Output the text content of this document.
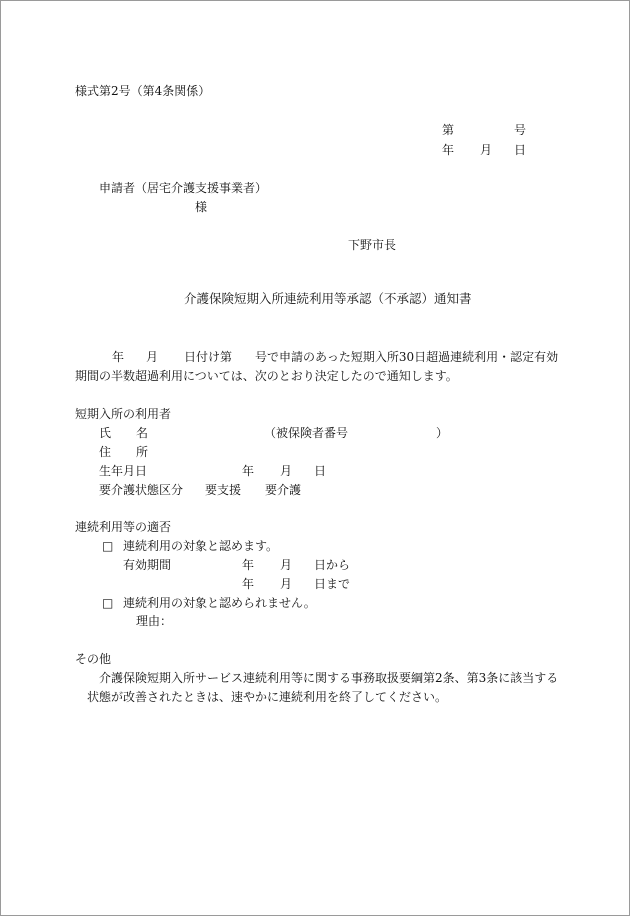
様式第2号（第4条関係）
第	号
年 月 日
申請者（居宅介護支援事業者）
様
下野市長
介護保険短期入所連続利用等承認（不承認）通知書
年 月 日付け第 号で申請のあった短期入所30日超過連続利用・認定有効
期間の半数超過利用については、次のとおり決定したので通知します。
短期入所の利用者
氏 名	（被保険者番号	）
住 所
生年月日	年 月 日
要介護状態区分 要支援 要介護
連続利用等の適否
□ 連続利用の対象と認めます。
有効期間	年 月 日から
年 月 日まで
□ 連続利用の対象と認められません。
理由：
その他
介護保険短期入所サービス連続利用等に関する事務取扱要綱第2条、第3条に該当する
状態が改善されたときは、速やかに連続利用を終了してください。
